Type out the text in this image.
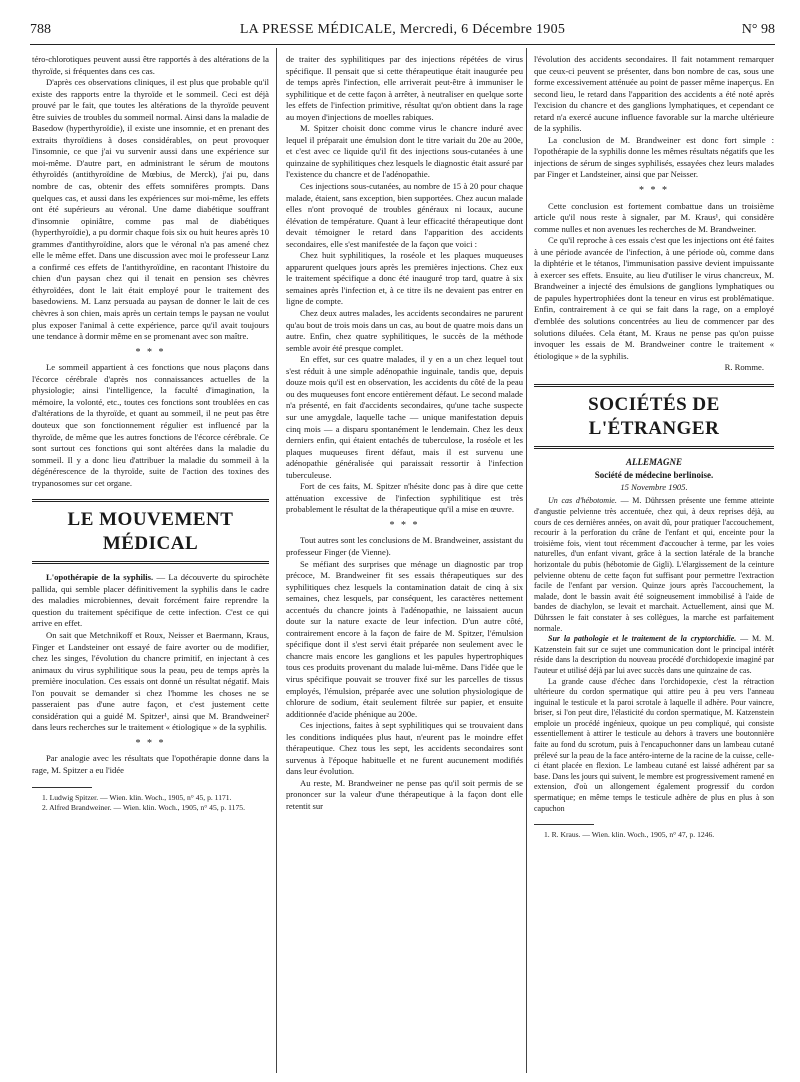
788	LA PRESSE MÉDICALE, Mercredi, 6 Décembre 1905	N° 98

téro-chlorotiques peuvent aussi être rapportés à des altérations de la thyroïde, si fréquentes dans ces cas.

D'après ces observations cliniques, il est plus que probable qu'il existe des rapports entre la thyroïde et le sommeil. Ceci est déjà prouvé par le fait, que toutes les altérations de la thyroïde peuvent être suivies de troubles du sommeil normal. Ainsi dans la maladie de Basedow (hyperthyroïdie), il existe une insomnie, et en prenant des extraits thyroïdiens à doses considérables, on peut provoquer l'insomnie, ce que j'ai vu survenir aussi dans une expérience sur moi-même. D'autre part, en administrant le sérum de moutons éthyroïdés (antithyroïdine de Mœbius, de Merck), j'ai pu, dans nombre de cas, obtenir des effets somnifères prompts. Dans quelques cas, et aussi dans les expériences sur moi-même, les effets ont été supérieurs au véronal. Une dame diabétique souffrant d'insomnie opiniâtre, comme pas mal de diabétiques (hyperthyroïdie), a pu dormir chaque fois six ou huit heures après 10 grammes d'antithyroïdine, alors que le véronal n'a pas amené chez elle le même effet. Dans une discussion avec moi le professeur Lanz a confirmé ces effets de l'antithyroïdine, en racontant l'histoire du chien d'un paysan chez qui il tenait en pension ses chèvres éthyroïdées, dont le lait était employé pour le traitement des basedowiens. M. Lanz persuada au paysan de donner le lait de ces chèvres à son chien, mais après un certain temps le paysan ne voulut plus exposer l'animal à cette expérience, parce qu'il avait toujours une tendance à dormir même en se promenant avec son maître.

* * *

Le sommeil appartient à ces fonctions que nous plaçons dans l'écorce cérébrale d'après nos connaissances actuelles de la physiologie; ainsi l'intelligence, la faculté d'imagination, la mémoire, la volonté, etc., toutes ces fonctions sont troublées en cas d'altérations de la thyroïde, et quant au sommeil, il ne peut pas être douteux que son fonctionnement régulier est influencé par la thyroïde, de même que les autres fonctions de l'écorce cérébrale. Ce sont surtout ces fonctions qui sont altérées dans la maladie du sommeil. Il y a donc lieu d'attribuer la maladie du sommeil à la dégénérescence de la thyroïde, suite de l'action des toxines des trypanosomes sur cet organe.

LE MOUVEMENT MÉDICAL

L'opothérapie de la syphilis. — La découverte du spirochète pallida, qui semble placer définitivement la syphilis dans le cadre des maladies microbiennes, devait forcément faire reprendre la question du traitement spécifique de cette infection. C'est ce qui arrive en effet.

On sait que Metchnikoff et Roux, Neisser et Baermann, Kraus, Finger et Landsteiner ont essayé de faire avorter ou de modifier, chez les singes, l'évolution du chancre primitif, en injectant à ces animaux du virus syphilitique sous la peau, peu de temps après la première inoculation. Ces essais ont donné un résultat négatif. Mais l'on pouvait se demander si chez l'homme les choses ne se passeraient pas d'une autre façon, et c'est justement cette considération qui a guidé M. Spitzer¹, ainsi que M. Brandweiner² dans leurs recherches sur le traitement « étiologique » de la syphilis.

* * *

Par analogie avec les résultats que l'opothérapie donne dans la rage, M. Spitzer a eu l'idée

1. Ludwig Spitzer. — Wien. klin. Woch., 1905, n° 45, p. 1171.

2. Alfred Brandweiner. — Wien. klin. Woch., 1905, n° 45, p. 1175.

de traiter des syphilitiques par des injections répétées de virus spécifique. Il pensait que si cette thérapeutique était inaugurée peu de temps après l'infection, elle arriverait peut-être à immuniser le syphilitique et de cette façon à arrêter, à neutraliser en quelque sorte les effets de l'infection primitive, résultat qu'on obtient dans la rage au moyen d'injections de moelles rabiques.

M. Spitzer choisit donc comme virus le chancre induré avec lequel il préparait une émulsion dont le titre variait du 20e au 200e, et c'est avec ce liquide qu'il fit des injections sous-cutanées à une quinzaine de syphilitiques chez lesquels le diagnostic était assuré par l'existence du chancre et de l'adénopathie.

Ces injections sous-cutanées, au nombre de 15 à 20 pour chaque malade, étaient, sans exception, bien supportées. Chez aucun malade elles n'ont provoqué de troubles généraux ni locaux, aucune élévation de température. Quant à leur efficacité thérapeutique dont devait témoigner le retard dans l'apparition des accidents secondaires, elle s'est manifestée de la façon que voici :

Chez huit syphilitiques, la roséole et les plaques muqueuses apparurent quelques jours après les premières injections. Chez eux le traitement spécifique a donc été inauguré trop tard, quatre à six semaines après l'infection et, à ce titre ils ne devaient pas entrer en ligne de compte.

Chez deux autres malades, les accidents secondaires ne parurent qu'au bout de trois mois dans un cas, au bout de quatre mois dans un autre. Enfin, chez quatre syphilitiques, le succès de la méthode semble avoir été presque complet.

En effet, sur ces quatre malades, il y en a un chez lequel tout s'est réduit à une simple adénopathie inguinale, tandis que, depuis douze mois qu'il est en observation, les accidents du côté de la peau ou des muqueuses font encore entièrement défaut. Le second malade n'a présenté, en fait d'accidents secondaires, qu'une tache suspecte sur une amygdale, laquelle tache — unique manifestation depuis cinq mois — a disparu spontanément le lendemain. Chez les deux derniers enfin, qui étaient entachés de tuberculose, la roséole et les plaques muqueuses firent défaut, mais il est survenu une adénopathie généralisée qui paraissait ressortir à l'infection tuberculeuse.

Fort de ces faits, M. Spitzer n'hésite donc pas à dire que cette atténuation excessive de l'infection syphilitique est très probablement le résultat de la thérapeutique qu'il a mise en œuvre.

* * *

Tout autres sont les conclusions de M. Brandweiner, assistant du professeur Finger (de Vienne).

Se méfiant des surprises que ménage un diagnostic par trop précoce, M. Brandweiner fit ses essais thérapeutiques sur des syphilitiques chez lesquels la contamination datait de cinq à six semaines, chez lesquels, par conséquent, les caractères nettement accentués du chancre joints à l'adénopathie, ne laissaient aucun doute sur la nature exacte de leur infection. D'un autre côté, contrairement encore à la façon de faire de M. Spitzer, l'émulsion spécifique dont il s'est servi était préparée non seulement avec le chancre mais encore les ganglions et les papules hypertrophiques tous ces produits provenant du malade lui-même. Dans l'idée que le virus spécifique pouvait se trouver fixé sur les parcelles de tissus employés, l'émulsion, préparée avec une solution physiologique de chlorure de sodium, était seulement filtrée sur papier, et ensuite additionnée d'acide phénique au 200e.

Ces injections, faites à sept syphilitiques qui se trouvaient dans les conditions indiquées plus haut, n'eurent pas le moindre effet thérapeutique. Chez tous les sept, les accidents secondaires sont survenus à l'époque habituelle et ne furent aucunement modifiés dans leur évolution.

Au reste, M. Brandweiner ne pense pas qu'il soit permis de se prononcer sur la valeur d'une thérapeutique à la façon dont elle retentit sur

l'évolution des accidents secondaires. Il fait notamment remarquer que ceux-ci peuvent se présenter, dans bon nombre de cas, sous une forme excessivement atténuée au point de passer même inaperçus. En second lieu, le retard dans l'apparition des accidents a été noté après l'excision du chancre et des ganglions lymphatiques, et cependant ce retard n'a exercé aucune influence favorable sur la marche ultérieure de la syphilis.

La conclusion de M. Brandweiner est donc fort simple : l'opothérapie de la syphilis donne les mêmes résultats négatifs que les injections de sérum de singes syphilisés, essayées chez leurs malades par Finger et Landsteiner, ainsi que par Neisser.

* * *

Cette conclusion est fortement combattue dans un troisième article qu'il nous reste à signaler, par M. Kraus¹, qui considère comme nulles et non avenues les recherches de M. Brandweiner.

Ce qu'il reproche à ces essais c'est que les injections ont été faites à une période avancée de l'infection, à une période où, comme dans la diphtérie et le tétanos, l'immunisation passive devient impuissante à exercer ses effets. Ensuite, au lieu d'utiliser le virus chancreux, M. Brandweiner a injecté des émulsions de ganglions lymphatiques ou de papules hypertrophiées dont la teneur en virus est problématique. Enfin, contrairement à ce qui se fait dans la rage, on a employé d'emblée des solutions concentrées au lieu de commencer par des solutions diluées. Cela étant, M. Kraus ne pense pas qu'on puisse invoquer les essais de M. Brandweiner contre le traitement « étiologique » de la syphilis.

R. Romme.

SOCIÉTÉS DE L'ÉTRANGER
ALLEMAGNE
Société de médecine berlinoise.
15 Novembre 1905.

Un cas d'hébotomie. — M. Dührssen présente une femme atteinte d'angustie pelvienne très accentuée, chez qui, à deux reprises déjà, au cours de ces dernières années, on avait dû, pour pratiquer l'accouchement, recourir à la perforation du crâne de l'enfant et qui, enceinte pour la troisième fois, vient tout récemment d'accoucher à terme, par les voies naturelles, d'un enfant vivant, grâce à la section latérale de la branche horizontale du pubis (hébotomie de Gigli). L'élargissement de la ceinture pelvienne obtenu de cette façon fut suffisant pour permettre l'extraction facile de l'enfant par version. Quinze jours après l'accouchement, la malade, dont le bassin avait été soigneusement immobilisé à l'aide de bandes de diachylon, se levait et marchait. Actuellement, ainsi que M. Dührssen le fait constater à ses collègues, la marche est parfaitement normale.

Sur la pathologie et le traitement de la cryptorchidie. — M. M. Katzenstein fait sur ce sujet une communication dont le principal intérêt réside dans la description du nouveau procédé d'orchidopexie imaginé par l'auteur et utilisé déjà par lui avec succès dans une quinzaine de cas.

La grande cause d'échec dans l'orchidopexie, c'est la rétraction ultérieure du cordon spermatique qui attire peu à peu vers l'anneau inguinal le testicule et la paroi scrotale à laquelle il adhère. Pour vaincre, briser, si l'on peut dire, l'élasticité du cordon spermatique, M. Katzenstein emploie un procédé ingénieux, quoique un peu compliqué, qui consiste essentiellement à attirer le testicule au dehors à travers une boutonnière faite au fond du scrotum, puis à l'encapuchonner dans un lambeau cutané prélevé sur la peau de la face antéro-interne de la racine de la cuisse, celle-ci étant placée en flexion. Le lambeau cutané est laissé adhérent par sa base. Dans les jours qui suivent, le membre est progressivement ramené en extension, d'où un allongement également progressif du cordon spermatique; en même temps le testicule adhère de plus en plus à son capuchon

1. R. Kraus. — Wien. klin. Woch., 1905, n° 47, p. 1246.
